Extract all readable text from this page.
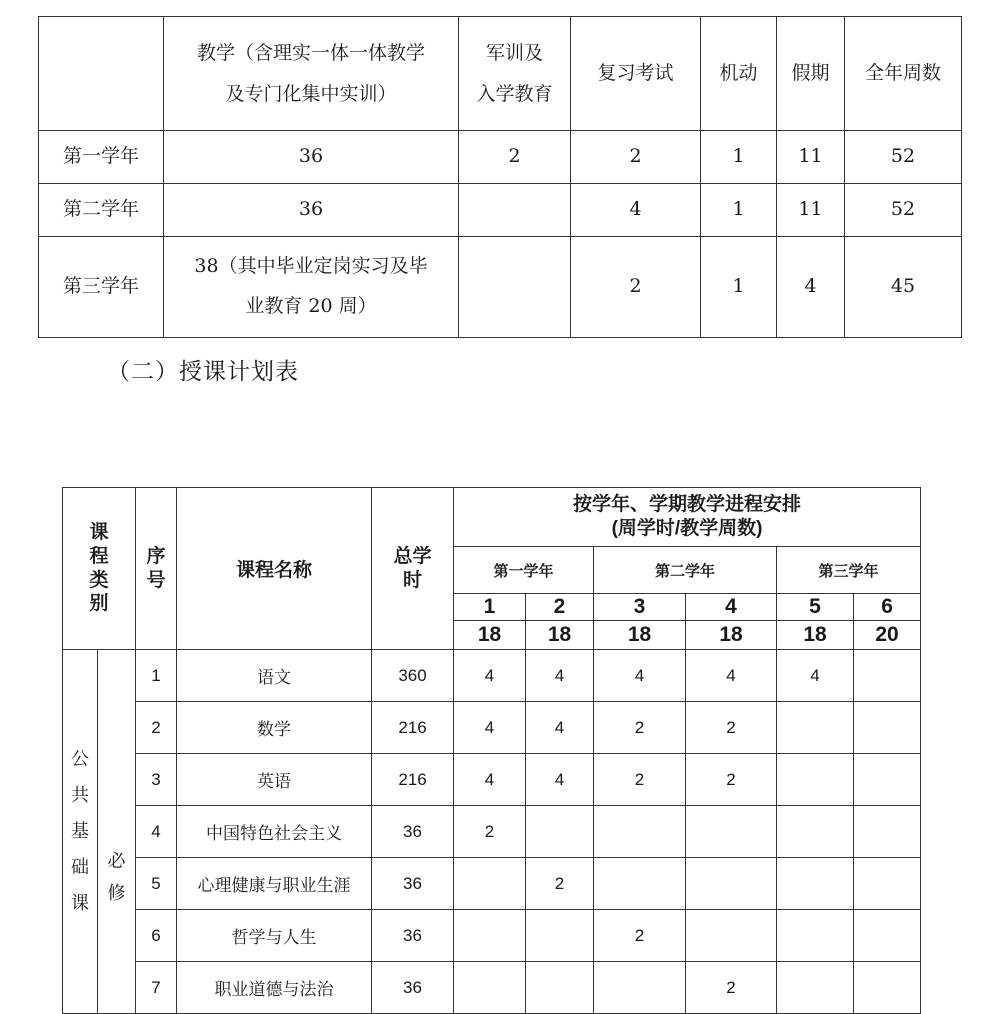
	教学（含理实一体一体教学
及专门化集中实训）	军训及
入学教育	复习考试	机动	假期	全年周数
第一学年	36	2	2	1	11	52
第二学年	36		4	1	11	52
第三学年	38（其中毕业定岗实习及毕
业教育 20 周）		2	1	4	45
（二）授课计划表
课
程
类
别		序
号	课程名称	总学
时	按学年、学期教学进程安排
(周学时/教学周数)					

					第一学年		第二学年		第三学年	
					1	2	3	4	5	6
					18	18	18	18	18	20

公
共
基
础
课	必
修	1	语文	360	4	4	4	4	4	
		2	数学	216	4	4	2	2		
		3	英语	216	4	4	2	2		
		4	中国特色社会主义	36	2					
		5	心理健康与职业生涯	36		2				
		6	哲学与人生	36			2			
		7	职业道德与法治	36				2		
